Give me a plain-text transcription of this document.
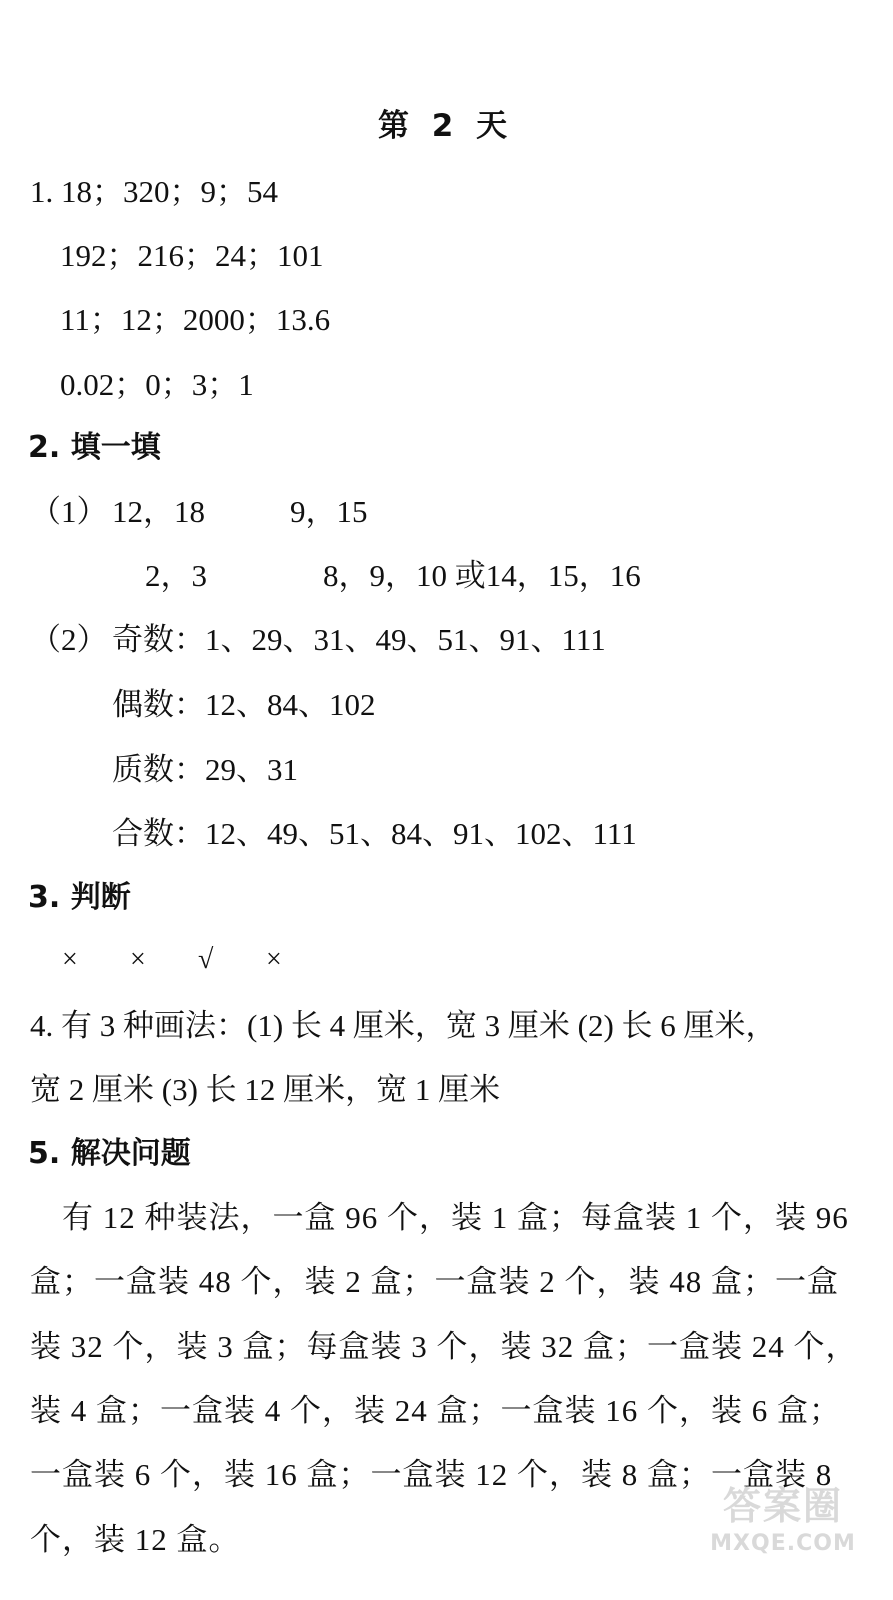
第 2 天
1. 18；320；9；54
192；216；24；101
11；12；2000；13.6
0.02；0；3；1
2. 填一填
（1） 12，18	9，15
2，3	8，9，10 或14，15，16
（2） 奇数：1、29、31、49、51、91、111
偶数：12、84、102
质数：29、31
合数：12、49、51、84、91、102、111
3. 判断
× × √ ×
4. 有 3 种画法：(1) 长 4 厘米，宽 3 厘米 (2) 长 6 厘米，
宽 2 厘米 (3) 长 12 厘米，宽 1 厘米
5. 解决问题
有 12 种装法，一盒 96 个，装 1 盒；每盒装 1 个，装 96
盒；一盒装 48 个，装 2 盒；一盒装 2 个，装 48 盒；一盒
装 32 个，装 3 盒；每盒装 3 个，装 32 盒；一盒装 24 个，
装 4 盒；一盒装 4 个，装 24 盒；一盒装 16 个，装 6 盒；
一盒装 6 个，装 16 盒；一盒装 12 个，装 8 盒；一盒装 8
个，装 12 盒。
答案圈
MXQE.COM
